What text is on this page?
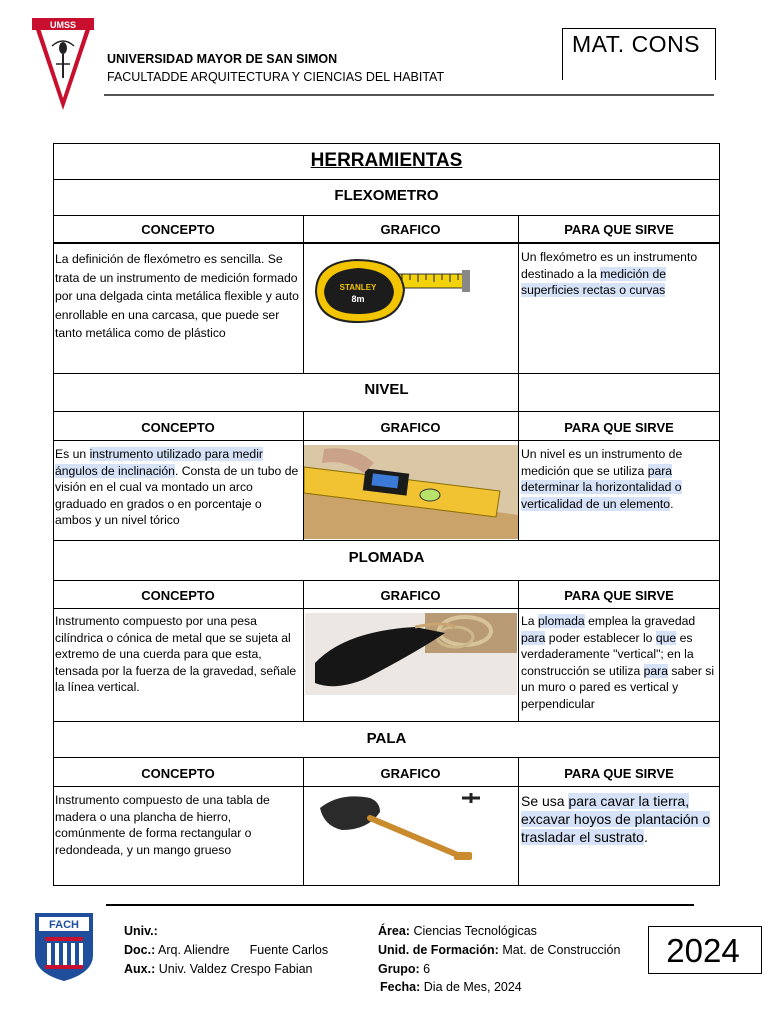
UMSS
UNIVERSIDAD MAYOR DE SAN SIMON
FACULTADDE ARQUITECTURA Y CIENCIAS DEL HABITAT
MAT. CONS
HERRAMIENTAS
FLEXOMETRO
CONCEPTO	GRAFICO	PARA QUE SIRVE
La definición de flexómetro es sencilla. Se trata de un instrumento de medición formado por una delgada cinta metálica flexible y auto enrollable en una carcasa, que puede ser tanto metálica como de plástico
STANLEY
8m
Un flexómetro es un instrumento destinado a la medición de superficies rectas o curvas
NIVEL
CONCEPTO	GRAFICO	PARA QUE SIRVE
Es un instrumento utilizado para medir ángulos de inclinación. Consta de un tubo de visión en el cual va montado un arco graduado en grados o en porcentaje o ambos y un nivel tórico
Un nivel es un instrumento de medición que se utiliza para determinar la horizontalidad o verticalidad de un elemento.
PLOMADA
CONCEPTO	GRAFICO	PARA QUE SIRVE
Instrumento compuesto por una pesa cilíndrica o cónica de metal que se sujeta al extremo de una cuerda para que esta, tensada por la fuerza de la gravedad, señale la línea vertical.
La plomada emplea la gravedad para poder establecer lo que es verdaderamente "vertical"; en la construcción se utiliza para saber si un muro o pared es vertical y perpendicular
PALA
CONCEPTO	GRAFICO	PARA QUE SIRVE
Instrumento compuesto de una tabla de madera o una plancha de hierro, comúnmente de forma rectangular o redondeada, y un mango grueso
Se usa para cavar la tierra, excavar hoyos de plantación o trasladar el sustrato.
FACH	Univ.:
Doc.: Arq. Aliendre Fuente Carlos
Aux.: Univ. Valdez Crespo Fabian
Área: Ciencias Tecnológicas
Unid. de Formación: Mat. de Construcción
Grupo: 6
Fecha: Dia de Mes, 2024
2024
